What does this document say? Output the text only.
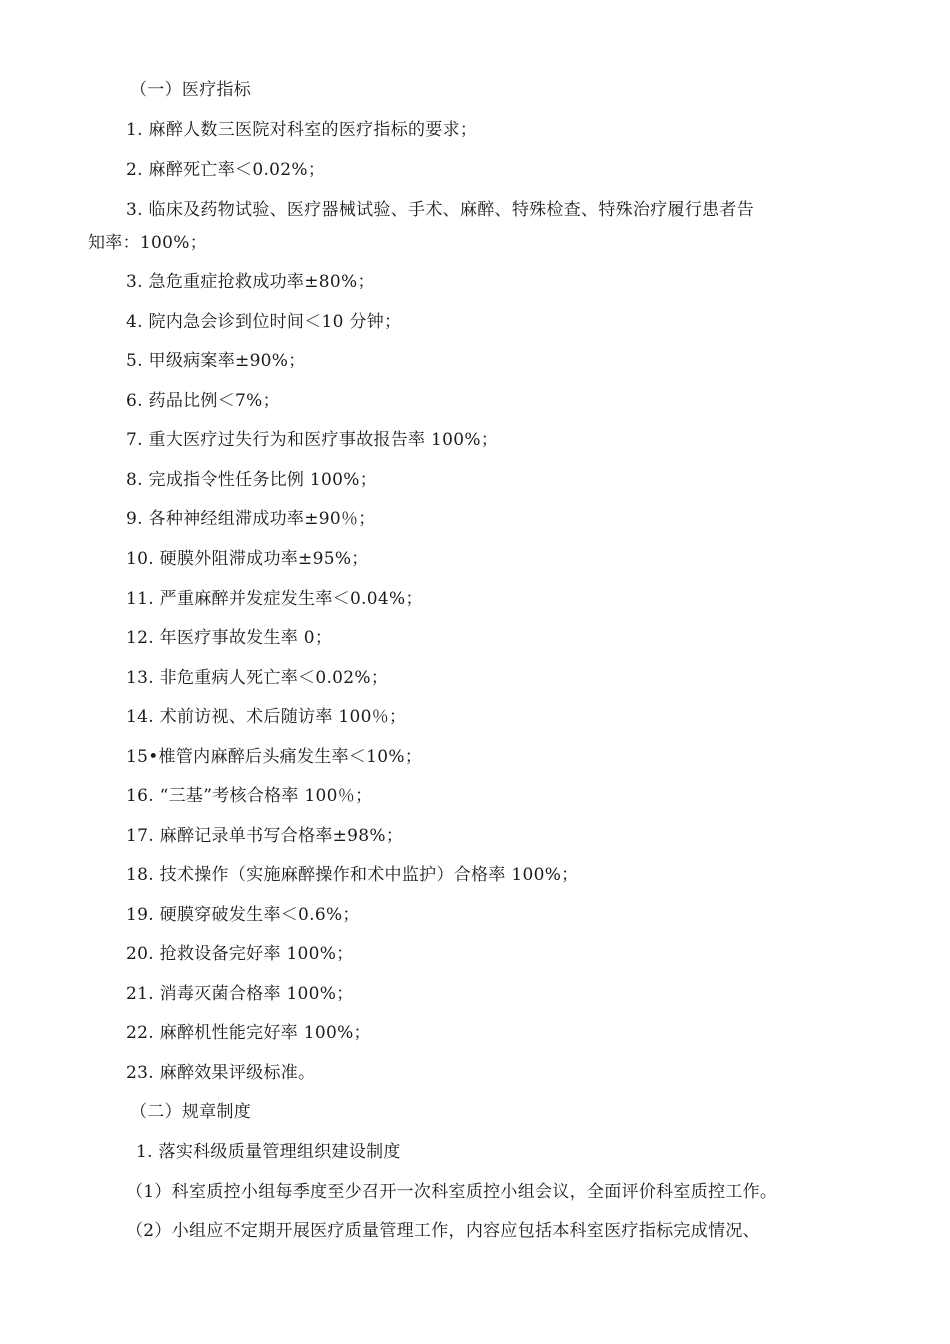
（一）医疗指标
1. 麻醉人数三医院对科室的医疗指标的要求；
2. 麻醉死亡率＜0.02%；
3. 临床及药物试验、医疗器械试验、手术、麻醉、特殊检查、特殊治疗履行患者告
知率：100%；
3. 急危重症抢救成功率±80%；
4. 院内急会诊到位时间＜10 分钟；
5. 甲级病案率±90%；
6. 药品比例＜7%；
7. 重大医疗过失行为和医疗事故报告率 100%；
8. 完成指令性任务比例 100%；
9. 各种神经组滞成功率±90％；
10. 硬膜外阻滞成功率±95%；
11. 严重麻醉并发症发生率＜0.04%；
12. 年医疗事故发生率 0；
13. 非危重病人死亡率＜0.02%；
14. 术前访视、术后随访率 100％；
15•椎管内麻醉后头痛发生率＜10%；
16. “三基”考核合格率 100％；
17. 麻醉记录单书写合格率±98%；
18. 技术操作（实施麻醉操作和术中监护）合格率 100%；
19. 硬膜穿破发生率＜0.6%；
20. 抢救设备完好率 100%；
21. 消毒灭菌合格率 100%；
22. 麻醉机性能完好率 100%；
23. 麻醉效果评级标准。
（二）规章制度
1. 落实科级质量管理组织建设制度
（1）科室质控小组每季度至少召开一次科室质控小组会议，全面评价科室质控工作。
（2）小组应不定期开展医疗质量管理工作，内容应包括本科室医疗指标完成情况、
